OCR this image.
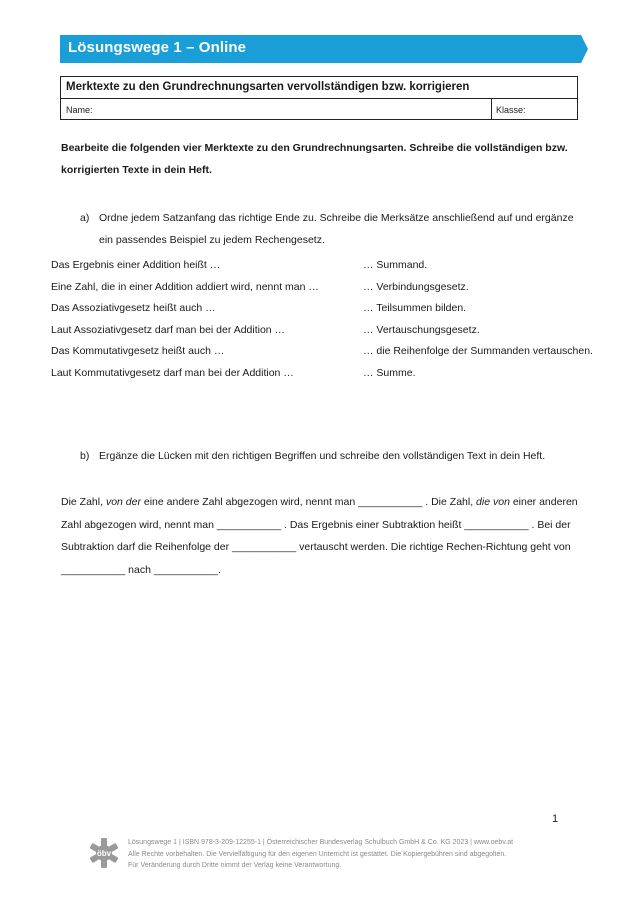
Lösungswege 1 – Online
Merktexte zu den Grundrechnungsarten vervollständigen bzw. korrigieren
Name:	Klasse:
Bearbeite die folgenden vier Merktexte zu den Grundrechnungsarten. Schreibe die vollständigen bzw. korrigierten Texte in dein Heft.
a) Ordne jedem Satzanfang das richtige Ende zu. Schreibe die Merksätze anschließend auf und ergänze ein passendes Beispiel zu jedem Rechengesetz.
Das Ergebnis einer Addition heißt …	… Summand.
Eine Zahl, die in einer Addition addiert wird, nennt man …	… Verbindungsgesetz.
Das Assoziativgesetz heißt auch …	… Teilsummen bilden.
Laut Assoziativgesetz darf man bei der Addition …	… Vertauschungsgesetz.
Das Kommutativgesetz heißt auch …	… die Reihenfolge der Summanden vertauschen.
Laut Kommutativgesetz darf man bei der Addition …	… Summe.
b) Ergänze die Lücken mit den richtigen Begriffen und schreibe den vollständigen Text in dein Heft.
Die Zahl, von der eine andere Zahl abgezogen wird, nennt man ___________ . Die Zahl, die von einer anderen Zahl abgezogen wird, nennt man ___________ . Das Ergebnis einer Subtraktion heißt ___________ . Bei der Subtraktion darf die Reihenfolge der ___________ vertauscht werden. Die richtige Rechen-Richtung geht von ___________ nach ___________.
1
öbv
Lösungswege 1 | ISBN 978-3-209-12255-1 | Österreichischer Bundesverlag Schulbuch GmbH & Co. KG 2023 | www.oebv.at
Alle Rechte vorbehalten. Die Vervielfältigung für den eigenen Unterricht ist gestattet. Die Kopiergebühren sind abgegolten.
Für Veränderung durch Dritte nimmt der Verlag keine Verantwortung.
